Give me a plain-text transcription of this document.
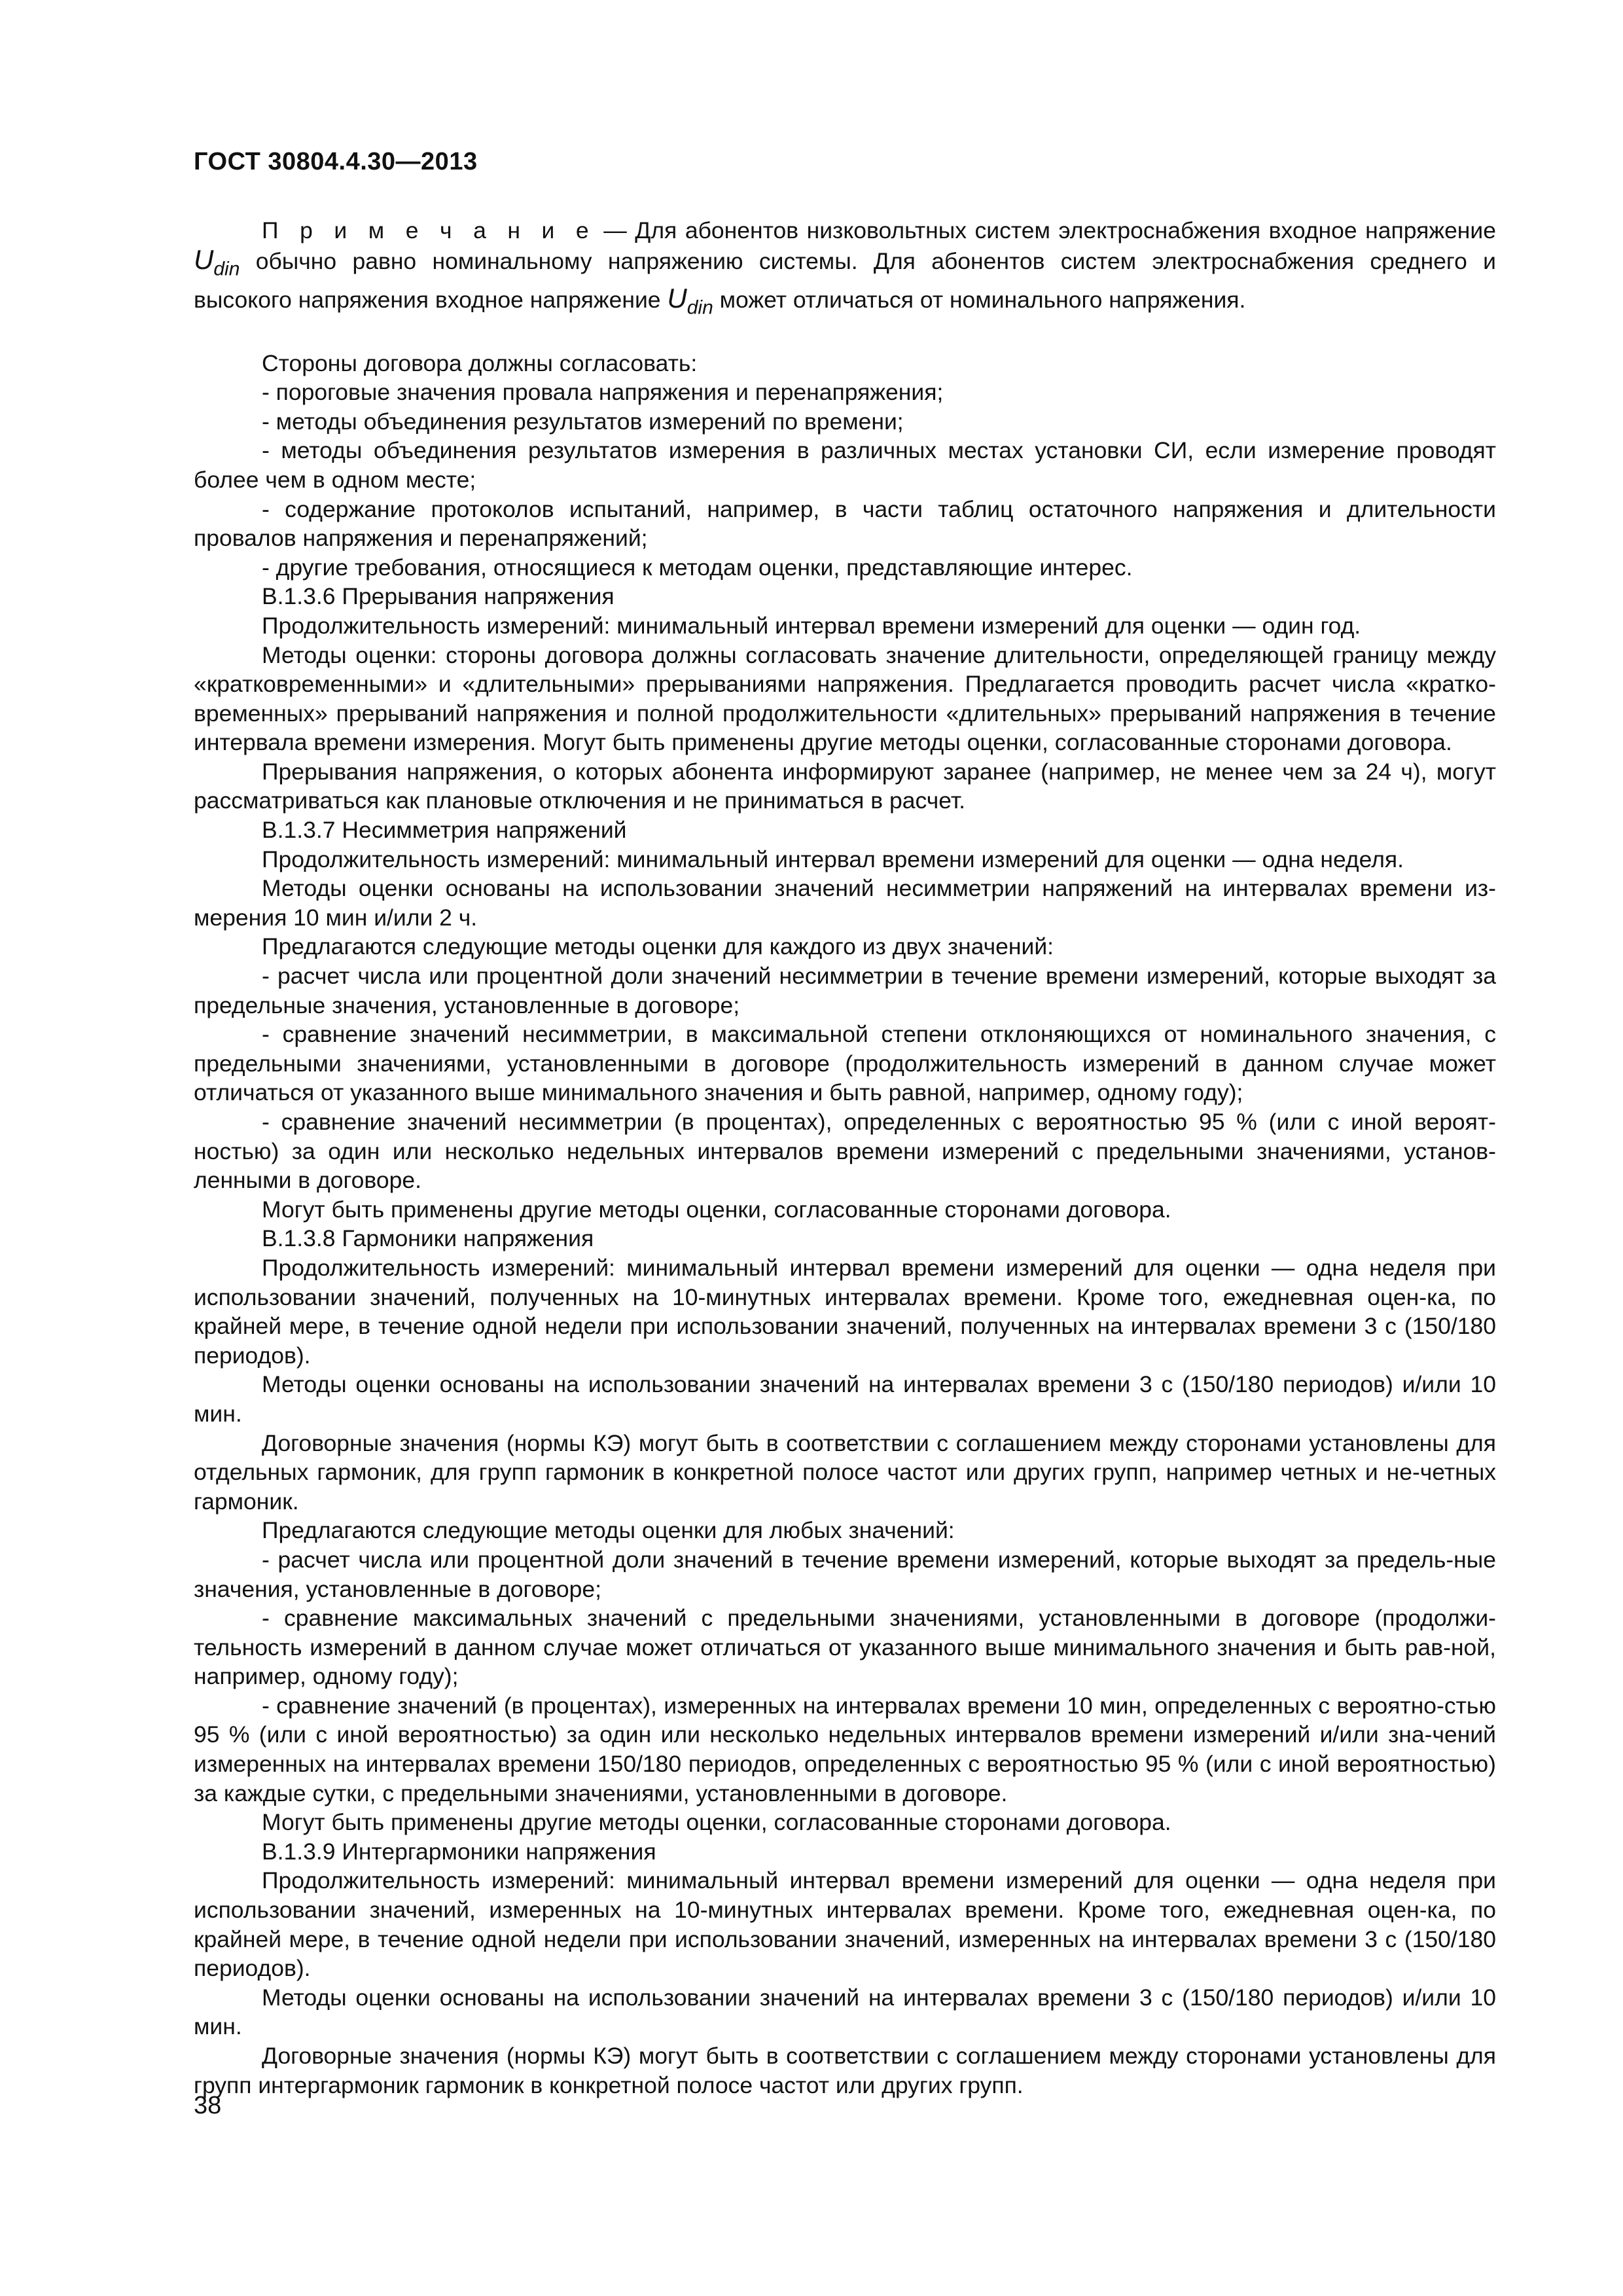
ГОСТ 30804.4.30—2013

П р и м е ч а н и е — Для абонентов низковольтных систем электроснабжения входное напряжение $U_{din}$ обычно равно номинальному напряжению системы. Для абонентов систем электроснабжения среднего и высокого напряжения входное напряжение $U_{din}$ может отличаться от номинального напряжения.

Стороны договора должны согласовать:

- пороговые значения провала напряжения и перенапряжения;

- методы объединения результатов измерений по времени;

- методы объединения результатов измерения в различных местах установки СИ, если измерение проводят более чем в одном месте;

- содержание протоколов испытаний, например, в части таблиц остаточного напряжения и длительности провалов напряжения и перенапряжений;

- другие требования, относящиеся к методам оценки, представляющие интерес.

В.1.3.6 Прерывания напряжения

Продолжительность измерений: минимальный интервал времени измерений для оценки — один год.

Методы оценки: стороны договора должны согласовать значение длительности, определяющей границу между «кратковременными» и «длительными» прерываниями напряжения. Предлагается проводить расчет числа «кратко-временных» прерываний напряжения и полной продолжительности «длительных» прерываний напряжения в течение интервала времени измерения. Могут быть применены другие методы оценки, согласованные сторонами договора.

Прерывания напряжения, о которых абонента информируют заранее (например, не менее чем за 24 ч), могут рассматриваться как плановые отключения и не приниматься в расчет.

В.1.3.7 Несимметрия напряжений

Продолжительность измерений: минимальный интервал времени измерений для оценки — одна неделя.

Методы оценки основаны на использовании значений несимметрии напряжений на интервалах времени из-мерения 10 мин и/или 2 ч.

Предлагаются следующие методы оценки для каждого из двух значений:

- расчет числа или процентной доли значений несимметрии в течение времени измерений, которые выходят за предельные значения, установленные в договоре;

- сравнение значений несимметрии, в максимальной степени отклоняющихся от номинального значения, с предельными значениями, установленными в договоре (продолжительность измерений в данном случае может отличаться от указанного выше минимального значения и быть равной, например, одному году);

- сравнение значений несимметрии (в процентах), определенных с вероятностью 95 % (или с иной вероят-ностью) за один или несколько недельных интервалов времени измерений с предельными значениями, установ-ленными в договоре.

Могут быть применены другие методы оценки, согласованные сторонами договора.

В.1.3.8 Гармоники напряжения

Продолжительность измерений: минимальный интервал времени измерений для оценки — одна неделя при использовании значений, полученных на 10-минутных интервалах времени. Кроме того, ежедневная оцен-ка, по крайней мере, в течение одной недели при использовании значений, полученных на интервалах времени 3 с (150/180 периодов).

Методы оценки основаны на использовании значений на интервалах времени 3 с (150/180 периодов) и/или 10 мин.

Договорные значения (нормы КЭ) могут быть в соответствии с соглашением между сторонами установлены для отдельных гармоник, для групп гармоник в конкретной полосе частот или других групп, например четных и не-четных гармоник.

Предлагаются следующие методы оценки для любых значений:

- расчет числа или процентной доли значений в течение времени измерений, которые выходят за предель-ные значения, установленные в договоре;

- сравнение максимальных значений с предельными значениями, установленными в договоре (продолжи-тельность измерений в данном случае может отличаться от указанного выше минимального значения и быть рав-ной, например, одному году);

- сравнение значений (в процентах), измеренных на интервалах времени 10 мин, определенных с вероятно-стью 95 % (или с иной вероятностью) за один или несколько недельных интервалов времени измерений и/или зна-чений измеренных на интервалах времени 150/180 периодов, определенных с вероятностью 95 % (или с иной вероятностью) за каждые сутки, с предельными значениями, установленными в договоре.

Могут быть применены другие методы оценки, согласованные сторонами договора.

В.1.3.9 Интергармоники напряжения

Продолжительность измерений: минимальный интервал времени измерений для оценки — одна неделя при использовании значений, измеренных на 10-минутных интервалах времени. Кроме того, ежедневная оцен-ка, по крайней мере, в течение одной недели при использовании значений, измеренных на интервалах времени 3 с (150/180 периодов).

Методы оценки основаны на использовании значений на интервалах времени 3 с (150/180 периодов) и/или 10 мин.

Договорные значения (нормы КЭ) могут быть в соответствии с соглашением между сторонами установлены для групп интергармоник гармоник в конкретной полосе частот или других групп.

38
